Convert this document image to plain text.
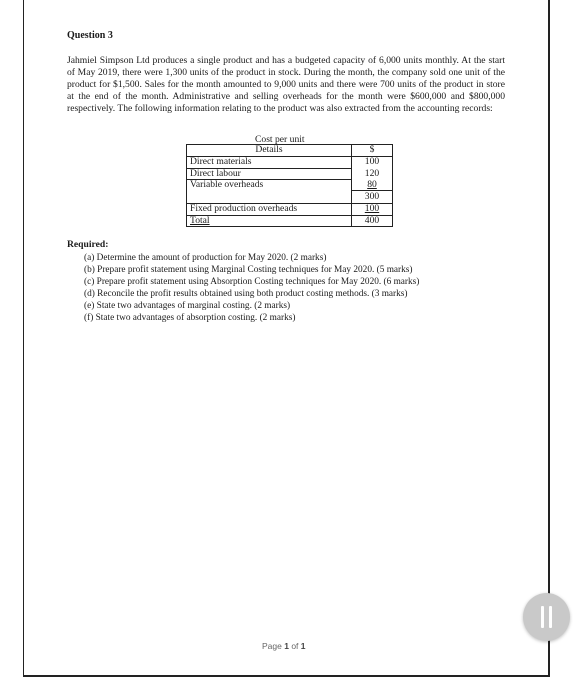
Question 3
Jahmiel Simpson Ltd produces a single product and has a budgeted capacity of 6,000 units monthly. At the start of May 2019, there were 1,300 units of the product in stock. During the month, the company sold one unit of the product for $1,500. Sales for the month amounted to 9,000 units and there were 700 units of the product in store at the end of the month. Administrative and selling overheads for the month were $600,000 and $800,000 respectively. The following information relating to the product was also extracted from the accounting records:
Cost per unit
Details	$
Direct materials	100
Direct labour	120
Variable overheads	80
	300
Fixed production overheads	100
Total	400
Required:
(a) Determine the amount of production for May 2020. (2 marks)
(b) Prepare profit statement using Marginal Costing techniques for May 2020. (5 marks)
(c) Prepare profit statement using Absorption Costing techniques for May 2020. (6 marks)
(d) Reconcile the profit results obtained using both product costing methods. (3 marks)
(e) State two advantages of marginal costing. (2 marks)
(f) State two advantages of absorption costing. (2 marks)
Page 1 of 1
